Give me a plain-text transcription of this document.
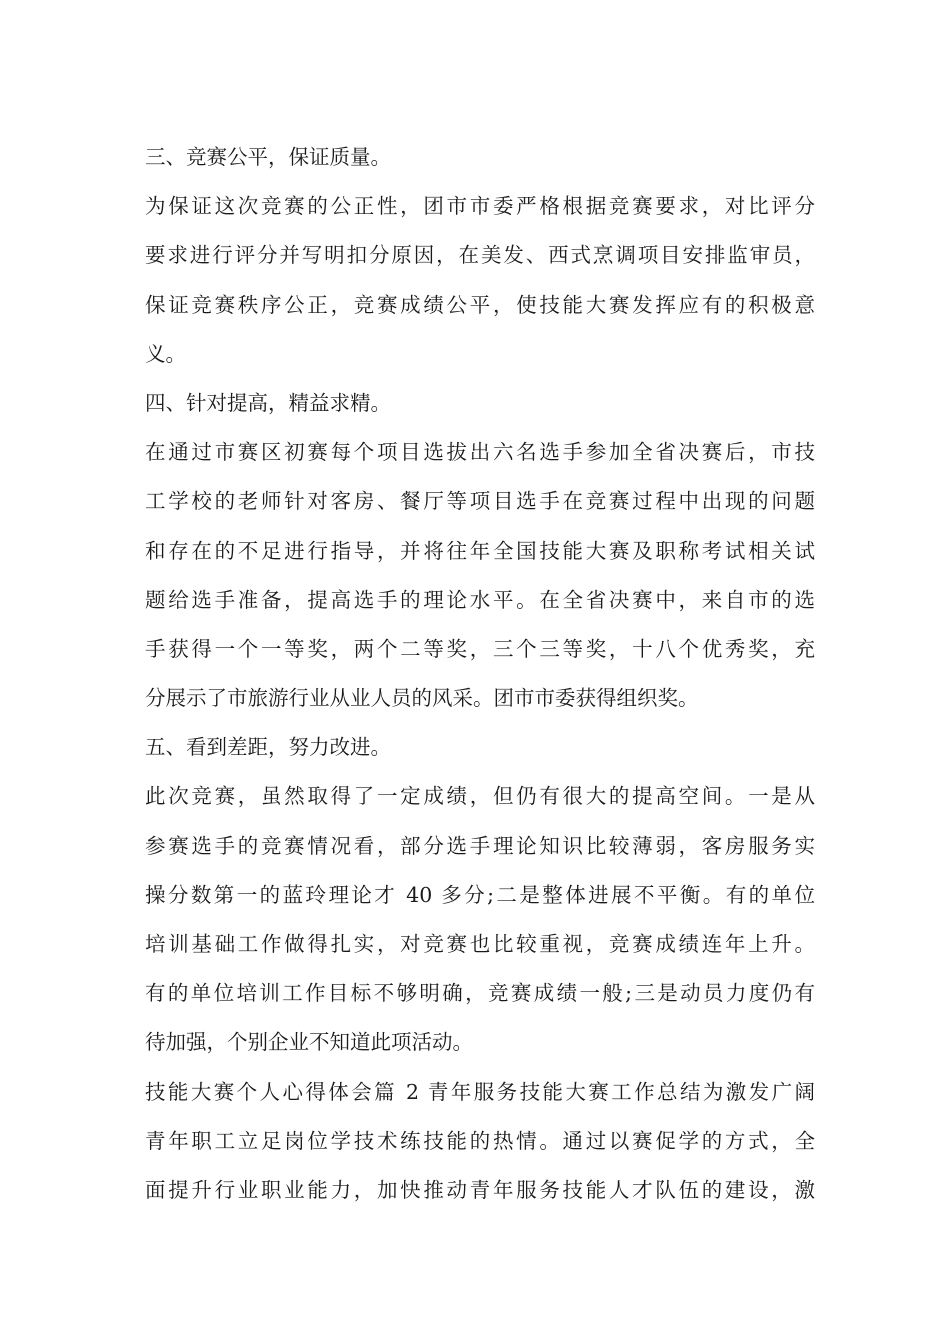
三、竞赛公平，保证质量。
为保证这次竞赛的公正性，团市市委严格根据竞赛要求，对比评分
要求进行评分并写明扣分原因，在美发、西式烹调项目安排监审员，
保证竞赛秩序公正，竞赛成绩公平，使技能大赛发挥应有的积极意
义。
四、针对提高，精益求精。
在通过市赛区初赛每个项目选拔出六名选手参加全省决赛后，市技
工学校的老师针对客房、餐厅等项目选手在竞赛过程中出现的问题
和存在的不足进行指导，并将往年全国技能大赛及职称考试相关试
题给选手准备，提高选手的理论水平。在全省决赛中，来自市的选
手获得一个一等奖，两个二等奖，三个三等奖，十八个优秀奖，充
分展示了市旅游行业从业人员的风采。团市市委获得组织奖。
五、看到差距，努力改进。
此次竞赛，虽然取得了一定成绩，但仍有很大的提高空间。一是从
参赛选手的竞赛情况看，部分选手理论知识比较薄弱，客房服务实
操分数第一的蓝玲理论才 40 多分;二是整体进展不平衡。有的单位
培训基础工作做得扎实，对竞赛也比较重视，竞赛成绩连年上升。
有的单位培训工作目标不够明确，竞赛成绩一般;三是动员力度仍有
待加强，个别企业不知道此项活动。
技能大赛个人心得体会篇 2 青年服务技能大赛工作总结为激发广阔
青年职工立足岗位学技术练技能的热情。通过以赛促学的方式，全
面提升行业职业能力，加快推动青年服务技能人才队伍的建设，激
